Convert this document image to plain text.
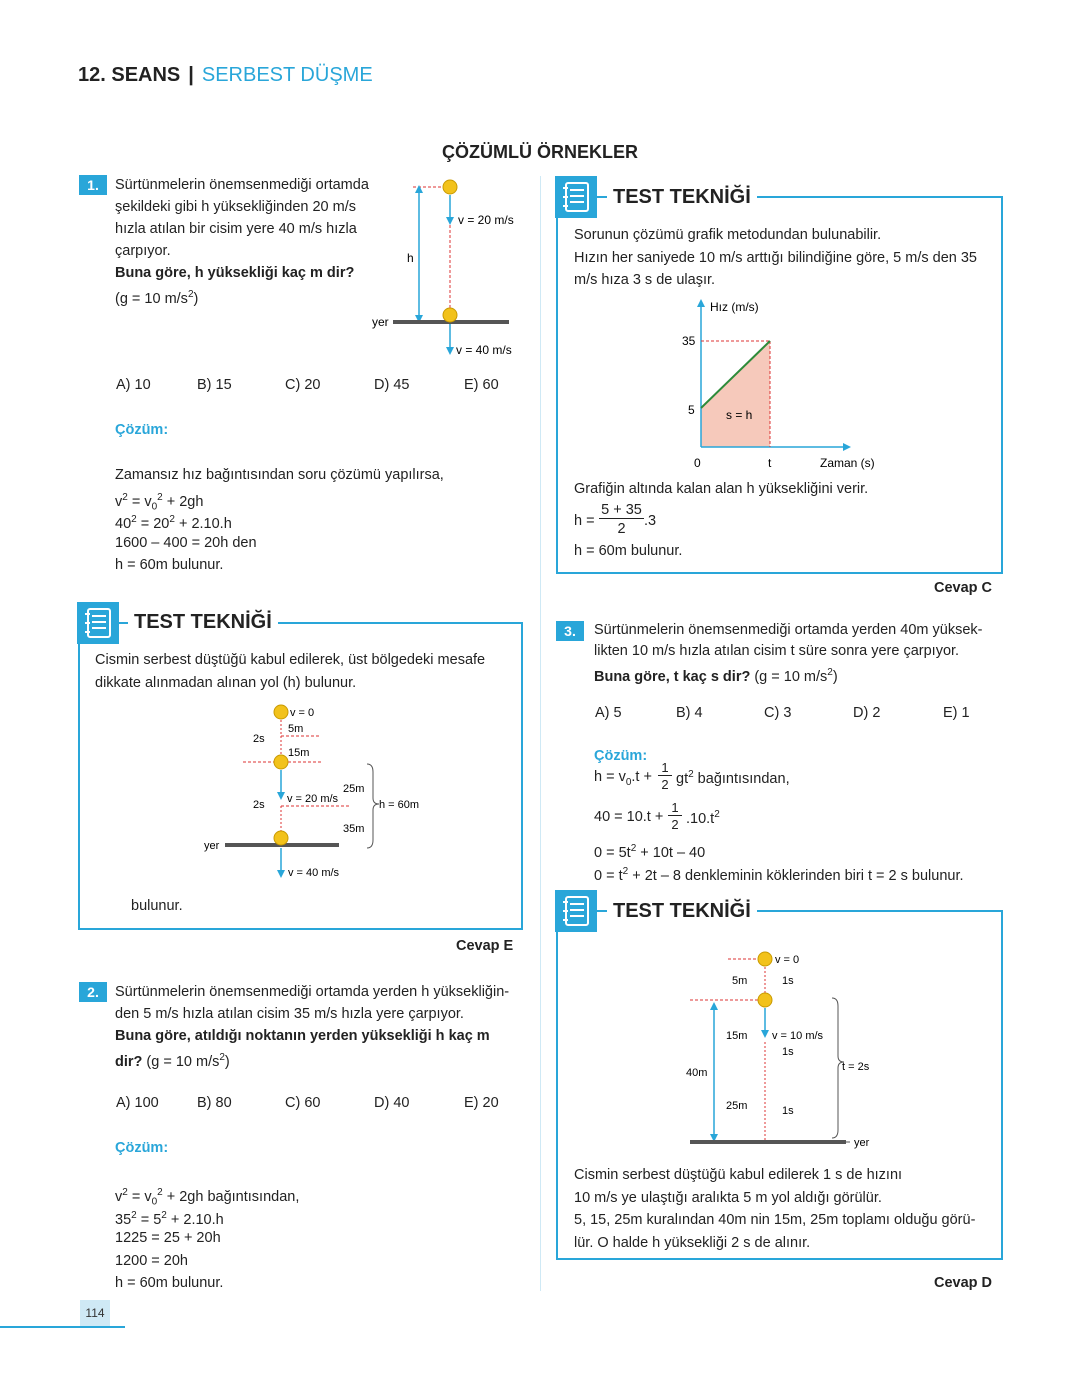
12. SEANS | SERBEST DÜŞME
ÇÖZÜMLÜ ÖRNEKLER
1.	Sürtünmelerin önemsenmediği ortamda
şekildeki gibi h yüksekliğinden 20 m/s
hızla atılan bir cisim yere 40 m/s hızla
çarpıyor.
Buna göre, h yüksekliği kaç m dir?
(g = 10 $m/s^2$)
h
v = 20 m/s
yer
v = 40 m/s
A) 10	B) 15	C) 20	D) 45	E) 60
Çözüm:
Zamansız hız bağıntısından soru çözümü yapılırsa,
$v^2 = v_0^2 + 2gh$
$40^2 = 20^2 + 2.10.h$
1600 – 400 = 20h den
h = 60m bulunur.
TEST TEKNİĞİ
Cismin serbest düştüğü kabul edilerek, üst bölgedeki mesafe
dikkate alınmadan alınan yol (h) bulunur.
v = 0
5m
2s
15m
v = 20 m/s
25m
2s
35m
h = 60m
yer
v = 40 m/s
bulunur.
Cevap E
2.	Sürtünmelerin önemsenmediği ortamda yerden h yüksekliğin-
den 5 m/s hızla atılan cisim 35 m/s hızla yere çarpıyor.
Buna göre, atıldığı noktanın yerden yüksekliği h kaç m
dir? (g = 10 $m/s^2$)
A) 100	B) 80	C) 60	D) 40	E) 20
Çözüm:
$v^2 = v_0^2 + 2gh$ bağıntısından,
$35^2 = 5^2 + 2.10.h$
1225 = 25 + 20h
1200 = 20h
h = 60m bulunur.
TEST TEKNİĞİ
Sorunun çözümü grafik metodundan bulunabilir.
Hızın her saniyede 10 m/s arttığı bilindiğine göre, 5 m/s den 35
m/s hıza 3 s de ulaşır.
Hız (m/s)
35
5
0	t	Zaman (s)
s = h
Grafiğin altında kalan alan h yüksekliğini verir.
h =
5 + 35
2	.3
h = 60m bulunur.
Cevap C
3.	Sürtünmelerin önemsenmediği ortamda yerden 40m yüksek-
likten 10 m/s hızla atılan cisim t süre sonra yere çarpıyor.
Buna göre, t kaç s dir? (g = 10 $m/s^2$)
A) 5	B) 4	C) 3	D) 2	E) 1
Çözüm:
$h = v_0.t$ +
1
2 $gt^2$ bağıntısından,
40 = 10.t +
1
2 $.10.t^2$
$0 = 5t^2 + 10t - 40$
$0 = t^2 + 2t - 8$ denkleminin köklerinden biri t = 2 s bulunur.
TEST TEKNİĞİ
v = 0
5m	1s
40m
15m v = 10 m/s
1s
25m	1s
t = 2s
yer
Cismin serbest düştüğü kabul edilerek 1 s de hızını
10 m/s ye ulaştığı aralıkta 5 m yol aldığı görülür.
5, 15, 25m kuralından 40m nin 15m, 25m toplamı olduğu görü-
lür. O halde h yüksekliği 2 s de alınır.
Cevap D
114
